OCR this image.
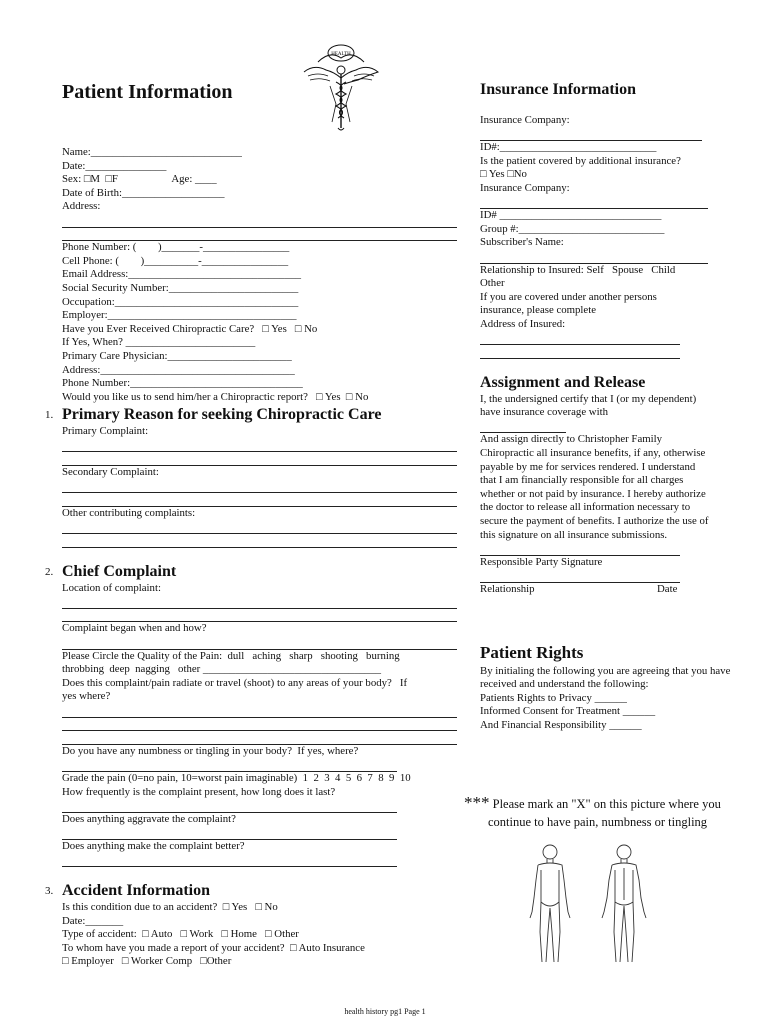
HEALTH
Patient Information
Name:____________________________
Date:_______________
Sex: □M  □F                    Age: ____
Date of Birth:___________________
Address:
Phone Number: (        )_______-________________
Cell Phone: (        )__________-________________
Email Address:________________________________
Social Security Number:________________________
Occupation:__________________________________
Employer:___________________________________
Have you Ever Received Chiropractic Care?   □ Yes   □ No
If Yes, When? ________________________
Primary Care Physician:_______________________
Address:____________________________________
Phone Number:________________________________
Would you like us to send him/her a Chiropractic report?   □ Yes  □ No
1. Primary Reason for seeking Chiropractic Care
Primary Complaint:
Secondary Complaint:
Other contributing complaints:
2. Chief Complaint
Location of complaint:
Complaint began when and how?
Please Circle the Quality of the Pain:  dull   aching   sharp   shooting   burning
throbbing  deep  nagging   other _________________________________
Does this complaint/pain radiate or travel (shoot) to any areas of your body?   If
yes where?
Do you have any numbness or tingling in your body?  If yes, where?
Grade the pain (0=no pain, 10=worst pain imaginable)  1  2  3  4  5  6  7  8  9  10
How frequently is the complaint present, how long does it last?
Does anything aggravate the complaint?
Does anything make the complaint better?
3. Accident Information
Is this condition due to an accident?  □ Yes   □ No
Date:_______
Type of accident:  □ Auto   □ Work   □ Home   □ Other
To whom have you made a report of your accident?  □ Auto Insurance
□ Employer   □ Worker Comp   □Other
Insurance Information
Insurance Company:
ID#:_____________________________
Is the patient covered by additional insurance?
□ Yes □No
Insurance Company:
ID# ______________________________
Group #:___________________________
Subscriber's Name:
Relationship to Insured: Self   Spouse   Child
Other
If you are covered under another persons insurance, please complete
Address of Insured:
Assignment and Release
I, the undersigned certify that I (or my dependent) have insurance coverage with
And assign directly to Christopher Family Chiropractic all insurance benefits, if any, otherwise payable by me for services rendered. I understand that I am financially responsible for all charges whether or not paid by insurance. I hereby authorize the doctor to release all information necessary to secure the payment of benefits. I authorize the use of this signature on all insurance submissions.
Responsible Party Signature
Relationship	Date
Patient Rights
By initialing the following you are agreeing that you have received and understand the following:
Patients Rights to Privacy ______
Informed Consent for Treatment ______
And Financial Responsibility ______
*** Please mark an "X" on this picture where you
continue to have pain, numbness or tingling
health history pg1 Page 1
